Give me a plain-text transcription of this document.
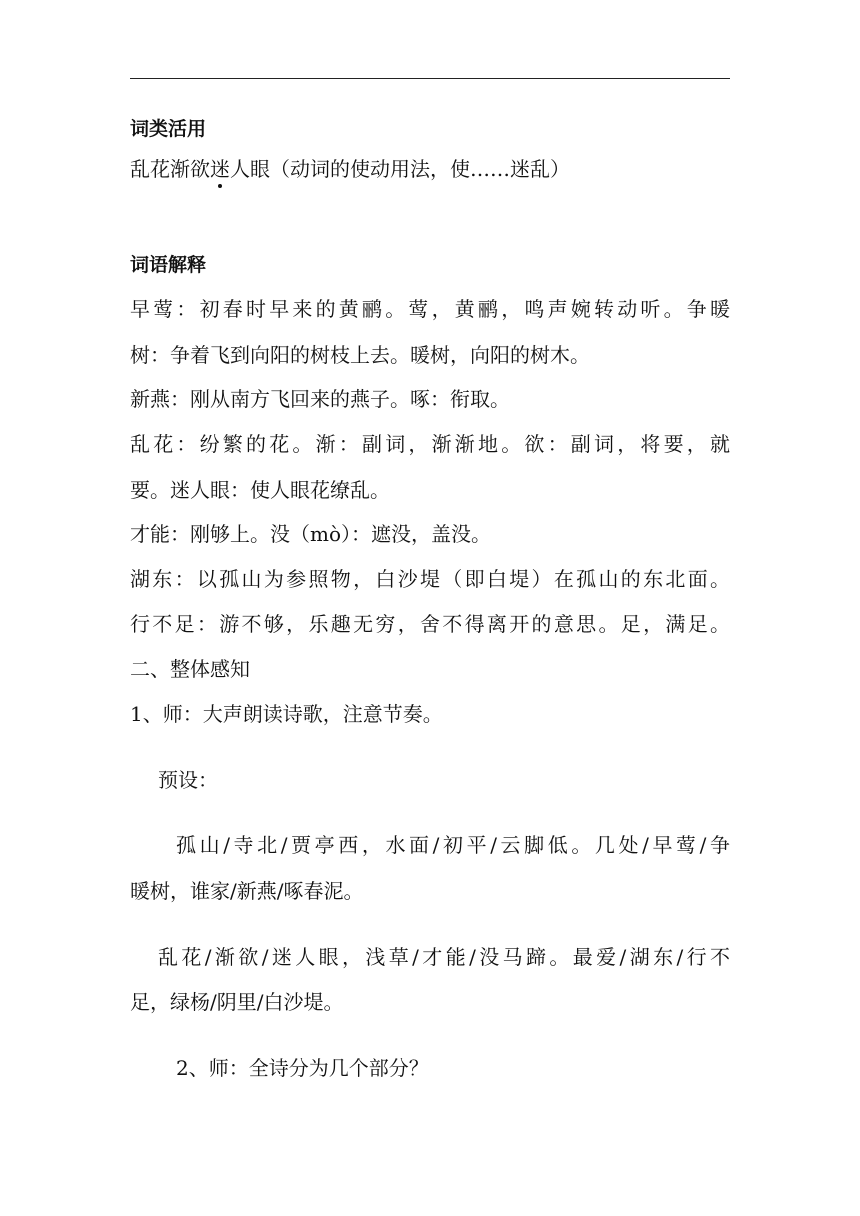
词类活用
乱花渐欲迷人眼（动词的使动用法，使……迷乱）
词语解释
早莺：初春时早来的黄鹂。莺，黄鹂，鸣声婉转动听。争暖
树：争着飞到向阳的树枝上去。暖树，向阳的树木。
新燕：刚从南方飞回来的燕子。啄：衔取。
乱花：纷繁的花。渐：副词，渐渐地。欲：副词，将要，就
要。迷人眼：使人眼花缭乱。
才能：刚够上。没（mò）：遮没，盖没。
湖东：以孤山为参照物，白沙堤（即白堤）在孤山的东北面。
行不足：游不够，乐趣无穷，舍不得离开的意思。足，满足。
二、整体感知
1、师：大声朗读诗歌，注意节奏。
预设：
孤山/寺北/贾亭西，水面/初平/云脚低。几处/早莺/争
暖树，谁家/新燕/啄春泥。
乱花/渐欲/迷人眼，浅草/才能/没马蹄。最爱/湖东/行不
足，绿杨/阴里/白沙堤。
2、师：全诗分为几个部分？
